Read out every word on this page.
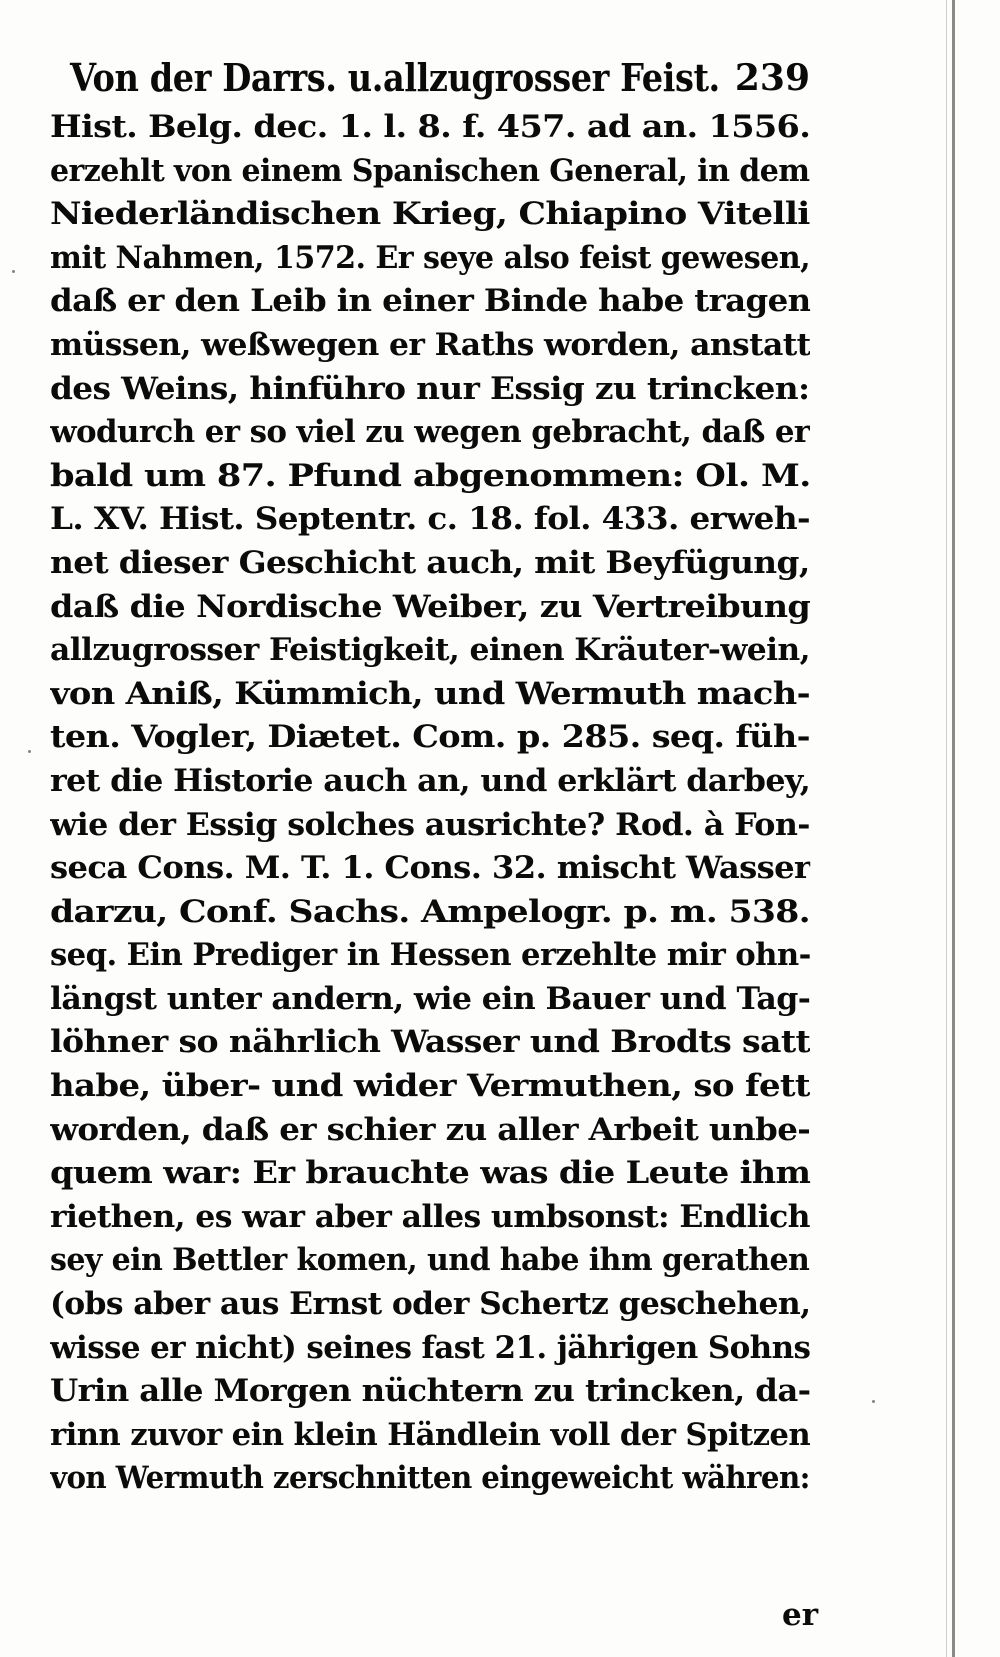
Von der Darrs. u.allzugrosser Feist. 239
Hist. Belg. dec. 1. l. 8. f. 457. ad an. 1556.
erzehlt von einem Spanischen General, in dem
Niederländischen Krieg, Chiapino Vitelli
mit Nahmen, 1572. Er seye also feist gewesen,
daß er den Leib in einer Binde habe tragen
müssen, weßwegen er Raths worden, anstatt
des Weins, hinführo nur Essig zu trincken:
wodurch er so viel zu wegen gebracht, daß er
bald um 87. Pfund abgenommen: Ol. M.
L. XV. Hist. Septentr. c. 18. fol. 433. erweh-
net dieser Geschicht auch, mit Beyfügung,
daß die Nordische Weiber, zu Vertreibung
allzugrosser Feistigkeit, einen Kräuter-wein,
von Aniß, Kümmich, und Wermuth mach-
ten. Vogler, Diætet. Com. p. 285. seq. füh-
ret die Historie auch an, und erklärt darbey,
wie der Essig solches ausrichte? Rod. à Fon-
seca Cons. M. T. 1. Cons. 32. mischt Wasser
darzu, Conf. Sachs. Ampelogr. p. m. 538.
seq. Ein Prediger in Hessen erzehlte mir ohn-
längst unter andern, wie ein Bauer und Tag-
löhner so nährlich Wasser und Brodts satt
habe, über- und wider Vermuthen, so fett
worden, daß er schier zu aller Arbeit unbe-
quem war: Er brauchte was die Leute ihm
riethen, es war aber alles umbsonst: Endlich
sey ein Bettler komen, und habe ihm gerathen
(obs aber aus Ernst oder Schertz geschehen,
wisse er nicht) seines fast 21. jährigen Sohns
Urin alle Morgen nüchtern zu trincken, da-
rinn zuvor ein klein Händlein voll der Spitzen
von Wermuth zerschnitten eingeweicht währen:
er
